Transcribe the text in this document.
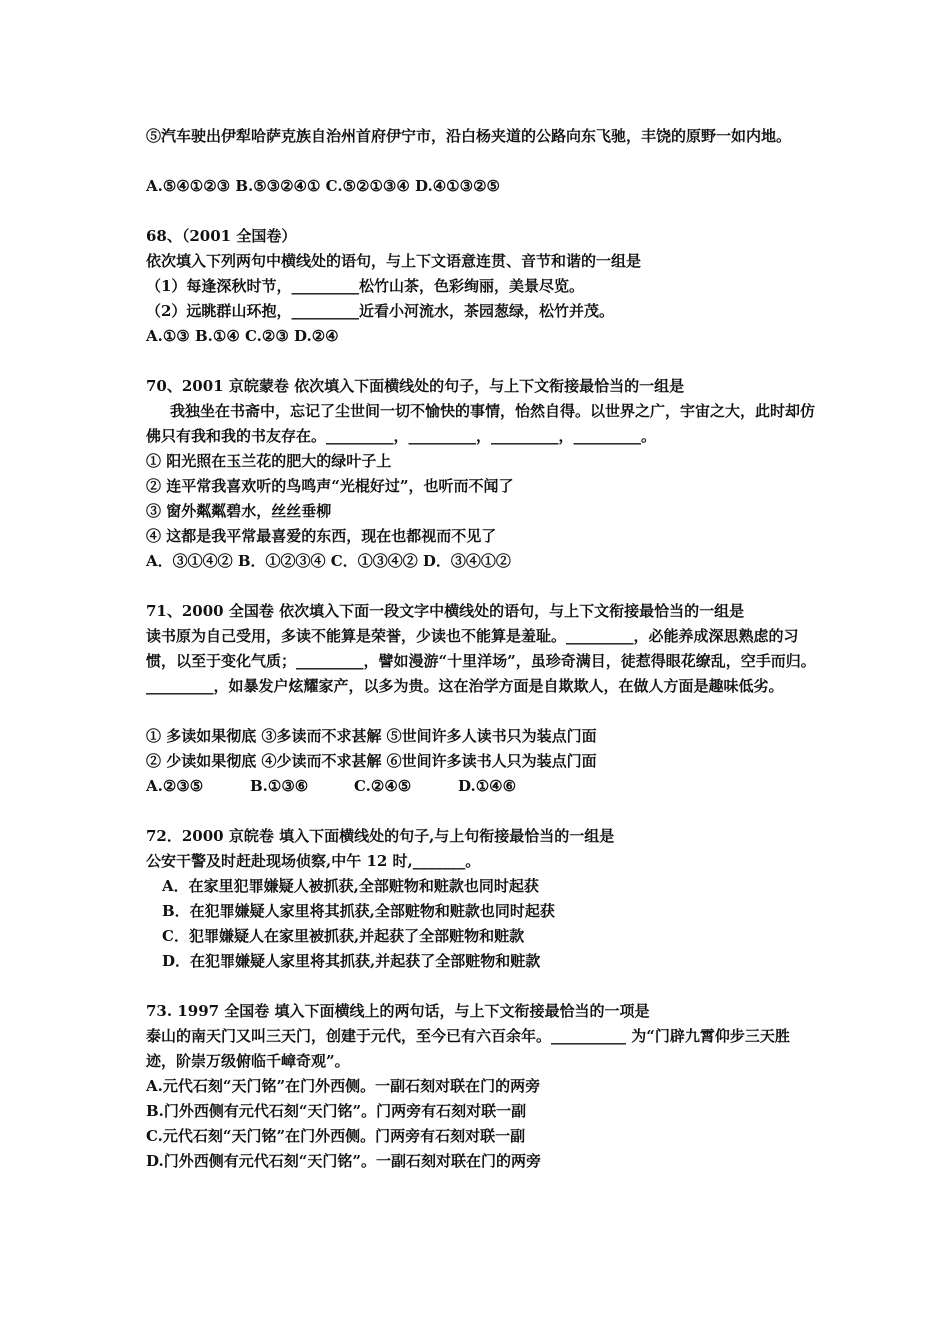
⑤汽车驶出伊犁哈萨克族自治州首府伊宁市，沿白杨夹道的公路向东飞驰，丰饶的原野一如内地。
A.⑤④①②③ B.⑤③②④① C.⑤②①③④ D.④①③②⑤
68、（2001 全国卷）
依次填入下列两句中横线处的语句，与上下文语意连贯、音节和谐的一组是
（1）每逢深秋时节，_________松竹山茶，色彩绚丽，美景尽览。
（2）远眺群山环抱，_________近看小河流水，茶园葱绿，松竹并茂。
A.①③ B.①④ C.②③ D.②④
70、2001 京皖蒙卷 依次填入下面横线处的句子，与上下文衔接最恰当的一组是
我独坐在书斋中，忘记了尘世间一切不愉快的事情，怡然自得。以世界之广，宇宙之大，此时却仿佛只有我和我的书友存在。_________，_________，_________，_________。
① 阳光照在玉兰花的肥大的绿叶子上
② 连平常我喜欢听的鸟鸣声“光棍好过”，也听而不闻了
③ 窗外粼粼碧水，丝丝垂柳
④ 这都是我平常最喜爱的东西，现在也都视而不见了
A．③①④② B．①②③④ C．①③④② D．③④①②
71、2000 全国卷 依次填入下面一段文字中横线处的语句，与上下文衔接最恰当的一组是
读书原为自己受用，多读不能算是荣誉，少读也不能算是羞耻。_________，必能养成深思熟虑的习惯，以至于变化气质；_________，譬如漫游“十里洋场”，虽珍奇满目，徒惹得眼花缭乱，空手而归。_________，如暴发户炫耀家产，以多为贵。这在治学方面是自欺欺人，在做人方面是趣味低劣。
① 多读如果彻底 ③多读而不求甚解 ⑤世间许多人读书只为装点门面
② 少读如果彻底 ④少读而不求甚解 ⑥世间许多读书人只为装点门面
A.②③⑤	B.①③⑥	C.②④⑤	D.①④⑥
72．2000 京皖卷 填入下面横线处的句子,与上句衔接最恰当的一组是
公安干警及时赶赴现场侦察,中午 12 时,_______。
A．在家里犯罪嫌疑人被抓获,全部赃物和赃款也同时起获
B．在犯罪嫌疑人家里将其抓获,全部赃物和赃款也同时起获
C．犯罪嫌疑人在家里被抓获,并起获了全部赃物和赃款
D．在犯罪嫌疑人家里将其抓获,并起获了全部赃物和赃款
73. 1997 全国卷 填入下面横线上的两句话，与上下文衔接最恰当的一项是
泰山的南天门又叫三天门，创建于元代，至今已有六百余年。__________ 为“门辟九霄仰步三天胜迹，阶崇万级俯临千嶂奇观”。
A.元代石刻“天门铭”在门外西侧。一副石刻对联在门的两旁
B.门外西侧有元代石刻“天门铭”。门两旁有石刻对联一副
C.元代石刻“天门铭”在门外西侧。门两旁有石刻对联一副
D.门外西侧有元代石刻“天门铭”。一副石刻对联在门的两旁
